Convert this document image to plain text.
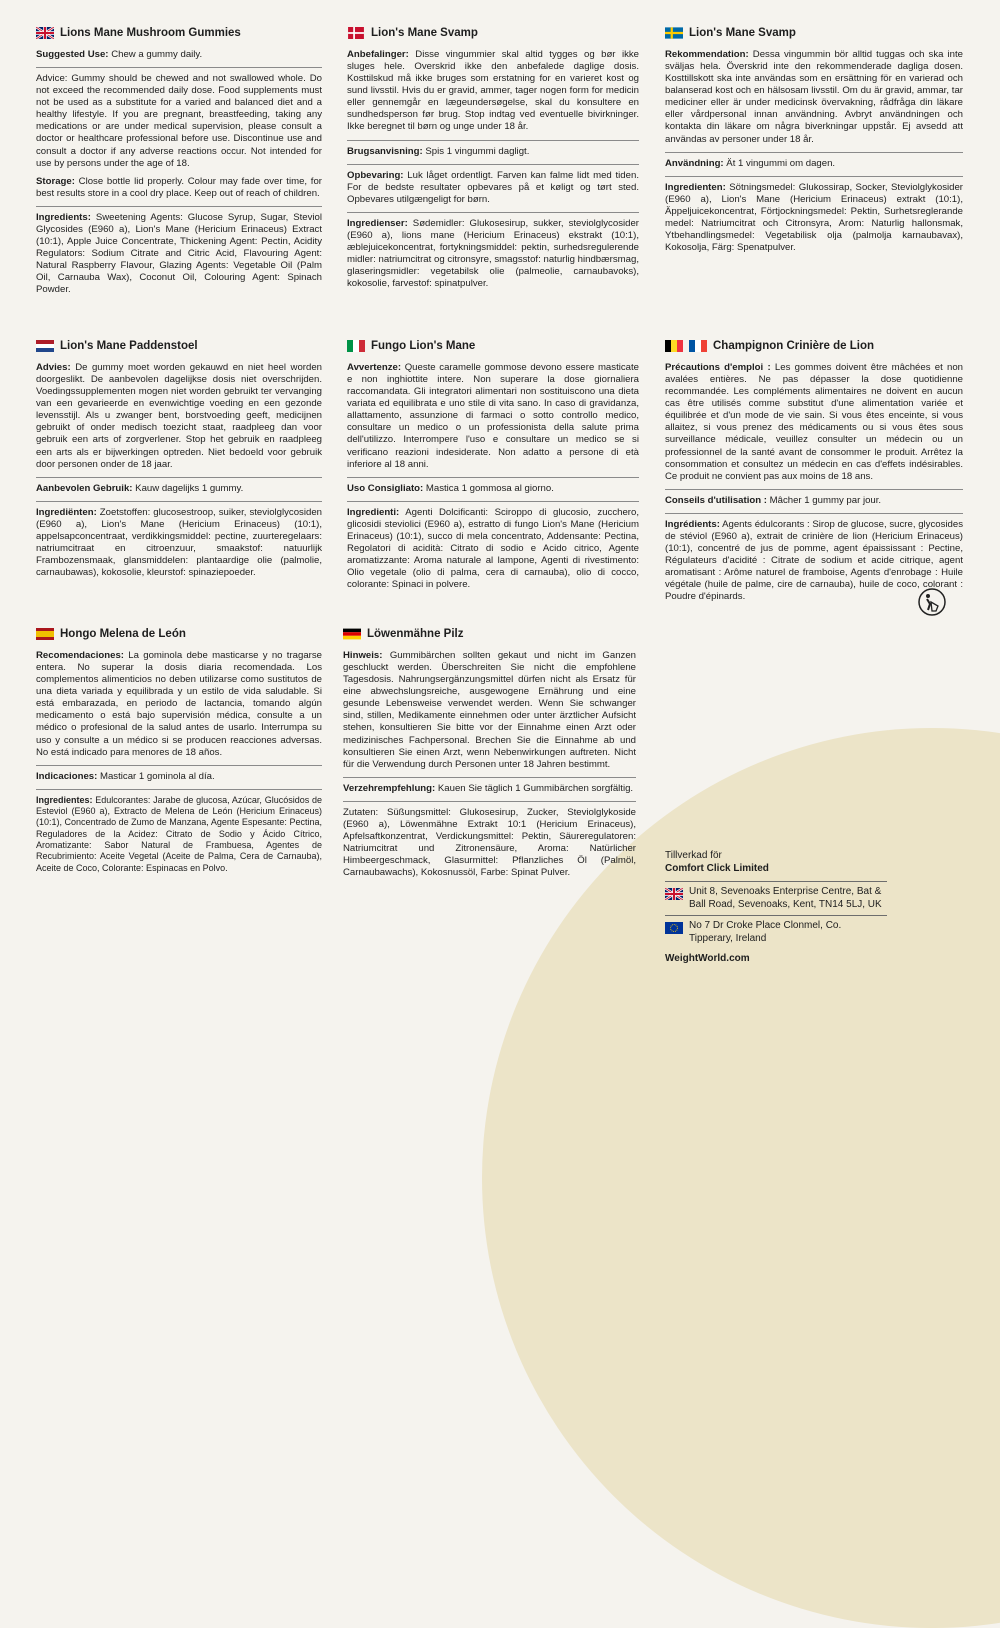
Lions Mane Mushroom Gummies

Suggested Use: Chew a gummy daily.

Advice: Gummy should be chewed and not swallowed whole. Do not exceed the recommended daily dose. Food supplements must not be used as a substitute for a varied and balanced diet and a healthy lifestyle. If you are pregnant, breastfeeding, taking any medications or are under medical supervision, please consult a doctor or healthcare professional before use. Discontinue use and consult a doctor if any adverse reactions occur. Not intended for use by persons under the age of 18.

Storage: Close bottle lid properly. Colour may fade over time, for best results store in a cool dry place. Keep out of reach of children.

Ingredients: Sweetening Agents: Glucose Syrup, Sugar, Steviol Glycosides (E960 a), Lion's Mane (Hericium Erinaceus) Extract (10:1), Apple Juice Concentrate, Thickening Agent: Pectin, Acidity Regulators: Sodium Citrate and Citric Acid, Flavouring Agent: Natural Raspberry Flavour, Glazing Agents: Vegetable Oil (Palm Oil, Carnauba Wax), Coconut Oil, Colouring Agent: Spinach Powder.

Lion's Mane Svamp

Anbefalinger: Disse vingummier skal altid tygges og bør ikke sluges hele. Overskrid ikke den anbefalede daglige dosis. Kosttilskud må ikke bruges som erstatning for en varieret kost og sund livsstil. Hvis du er gravid, ammer, tager nogen form for medicin eller gennemgår en lægeundersøgelse, skal du konsultere en sundhedsperson før brug. Stop indtag ved eventuelle bivirkninger. Ikke beregnet til børn og unge under 18 år.

Brugsanvisning: Spis 1 vingummi dagligt.

Opbevaring: Luk låget ordentligt. Farven kan falme lidt med tiden. For de bedste resultater opbevares på et køligt og tørt sted. Opbevares utilgængeligt for børn.

Ingredienser: Sødemidler: Glukosesirup, sukker, steviolglycosider (E960 a), lions mane (Hericium Erinaceus) ekstrakt (10:1), æblejuicekoncentrat, fortykningsmiddel: pektin, surhedsregulerende midler: natriumcitrat og citronsyre, smagsstof: naturlig hindbærsmag, glaseringsmidler: vegetabilsk olie (palmeolie, carnaubavoks), kokosolie, farvestof: spinatpulver.

Lion's Mane Svamp

Rekommendation: Dessa vingummin bör alltid tuggas och ska inte sväljas hela. Överskrid inte den rekommenderade dagliga dosen. Kosttillskott ska inte användas som en ersättning för en varierad och balanserad kost och en hälsosam livsstil. Om du är gravid, ammar, tar mediciner eller är under medicinsk övervakning, rådfråga din läkare eller vårdpersonal innan användning. Avbryt användningen och kontakta din läkare om några biverkningar uppstår. Ej avsedd att användas av personer under 18 år.

Användning: Ät 1 vingummi om dagen.

Ingredienten: Sötningsmedel: Glukossirap, Socker, Steviolglykosider (E960 a), Lion's Mane (Hericium Erinaceus) extrakt (10:1), Äppeljuicekoncentrat, Förtjockningsmedel: Pektin, Surhetsreglerande medel: Natriumcitrat och Citronsyra, Arom: Naturlig hallonsmak, Ytbehandlingsmedel: Vegetabilisk olja (palmolja karnaubavax), Kokosolja, Färg: Spenatpulver.

Lion's Mane Paddenstoel

Advies: De gummy moet worden gekauwd en niet heel worden doorgeslikt. De aanbevolen dagelijkse dosis niet overschrijden. Voedingssupplementen mogen niet worden gebruikt ter vervanging van een gevarieerde en evenwichtige voeding en een gezonde levensstijl. Als u zwanger bent, borstvoeding geeft, medicijnen gebruikt of onder medisch toezicht staat, raadpleeg dan voor gebruik een arts of zorgverlener. Stop het gebruik en raadpleeg een arts als er bijwerkingen optreden. Niet bedoeld voor gebruik door personen onder de 18 jaar.

Aanbevolen Gebruik: Kauw dagelijks 1 gummy.

Ingrediënten: Zoetstoffen: glucosestroop, suiker, steviolglycosiden (E960 a), Lion's Mane (Hericium Erinaceus) (10:1), appelsapconcentraat, verdikkingsmiddel: pectine, zuurteregelaars: natriumcitraat en citroenzuur, smaakstof: natuurlijk Frambozensmaak, glansmiddelen: plantaardige olie (palmolie, carnaubawas), kokosolie, kleurstof: spinaziepoeder.

Fungo Lion's Mane

Avvertenze: Queste caramelle gommose devono essere masticate e non inghiottite intere. Non superare la dose giornaliera raccomandata. Gli integratori alimentari non sostituiscono una dieta variata ed equilibrata e uno stile di vita sano. In caso di gravidanza, allattamento, assunzione di farmaci o sotto controllo medico, consultare un medico o un professionista della salute prima dell'utilizzo. Interrompere l'uso e consultare un medico se si verificano reazioni indesiderate. Non adatto a persone di età inferiore al 18 anni.

Uso Consigliato: Mastica 1 gommosa al giorno.

Ingredienti: Agenti Dolcificanti: Sciroppo di glucosio, zucchero, glicosidi steviolici (E960 a), estratto di fungo Lion's Mane (Hericium Erinaceus) (10:1), succo di mela concentrato, Addensante: Pectina, Regolatori di acidità: Citrato di sodio e Acido citrico, Agente aromatizzante: Aroma naturale al lampone, Agenti di rivestimento: Olio vegetale (olio di palma, cera di carnauba), olio di cocco, colorante: Spinaci in polvere.

Champignon Crinière de Lion

Précautions d'emploi : Les gommes doivent être mâchées et non avalées entières. Ne pas dépasser la dose quotidienne recommandée. Les compléments alimentaires ne doivent en aucun cas être utilisés comme substitut d'une alimentation variée et équilibrée et d'un mode de vie sain. Si vous êtes enceinte, si vous allaitez, si vous prenez des médicaments ou si vous êtes sous surveillance médicale, veuillez consulter un médecin ou un professionnel de la santé avant de consommer le produit. Arrêtez la consommation et consultez un médecin en cas d'effets indésirables. Ce produit ne convient pas aux moins de 18 ans.

Conseils d'utilisation : Mâcher 1 gummy par jour.

Ingrédients: Agents édulcorants : Sirop de glucose, sucre, glycosides de stéviol (E960 a), extrait de crinière de lion (Hericium Erinaceus) (10:1), concentré de jus de pomme, agent épaississant : Pectine, Régulateurs d'acidité : Citrate de sodium et acide citrique, agent aromatisant : Arôme naturel de framboise, Agents d'enrobage : Huile végétale (huile de palme, cire de carnauba), huile de coco, colorant : Poudre d'épinards.

Hongo Melena de León

Recomendaciones: La gominola debe masticarse y no tragarse entera. No superar la dosis diaria recomendada. Los complementos alimenticios no deben utilizarse como sustitutos de una dieta variada y equilibrada y un estilo de vida saludable. Si está embarazada, en periodo de lactancia, tomando algún medicamento o está bajo supervisión médica, consulte a un médico o profesional de la salud antes de usarlo. Interrumpa su uso y consulte a un médico si se producen reacciones adversas. No está indicado para menores de 18 años.

Indicaciones: Masticar 1 gominola al día.

Ingredientes: Edulcorantes: Jarabe de glucosa, Azúcar, Glucósidos de Esteviol (E960 a), Extracto de Melena de León (Hericium Erinaceus) (10:1), Concentrado de Zumo de Manzana, Agente Espesante: Pectina, Reguladores de la Acidez: Citrato de Sodio y Ácido Cítrico, Aromatizante: Sabor Natural de Frambuesa, Agentes de Recubrimiento: Aceite Vegetal (Aceite de Palma, Cera de Carnauba), Aceite de Coco, Colorante: Espinacas en Polvo.

Löwenmähne Pilz

Hinweis: Gummibärchen sollten gekaut und nicht im Ganzen geschluckt werden. Überschreiten Sie nicht die empfohlene Tagesdosis. Nahrungsergänzungsmittel dürfen nicht als Ersatz für eine abwechslungsreiche, ausgewogene Ernährung und eine gesunde Lebensweise verwendet werden. Wenn Sie schwanger sind, stillen, Medikamente einnehmen oder unter ärztlicher Aufsicht stehen, konsultieren Sie bitte vor der Einnahme einen Arzt oder medizinisches Fachpersonal. Brechen Sie die Einnahme ab und konsultieren Sie einen Arzt, wenn Nebenwirkungen auftreten. Nicht für die Verwendung durch Personen unter 18 Jahren bestimmt.

Verzehrempfehlung: Kauen Sie täglich 1 Gummibärchen sorgfältig.

Zutaten: Süßungsmittel: Glukosesirup, Zucker, Steviolglykoside (E960 a), Löwenmähne Extrakt 10:1 (Hericium Erinaceus), Apfelsaftkonzentrat, Verdickungsmittel: Pektin, Säureregulatoren: Natriumcitrat und Zitronensäure, Aroma: Natürlicher Himbeergeschmack, Glasurmittel: Pflanzliches Öl (Palmöl, Carnaubawachs), Kokosnussöl, Farbe: Spinat Pulver.

Tillverkad för
Comfort Click Limited
Unit 8, Sevenoaks Enterprise Centre, Bat & Ball Road, Sevenoaks, Kent, TN14 5LJ, UK
No 7 Dr Croke Place Clonmel, Co. Tipperary, Ireland
WeightWorld.com
